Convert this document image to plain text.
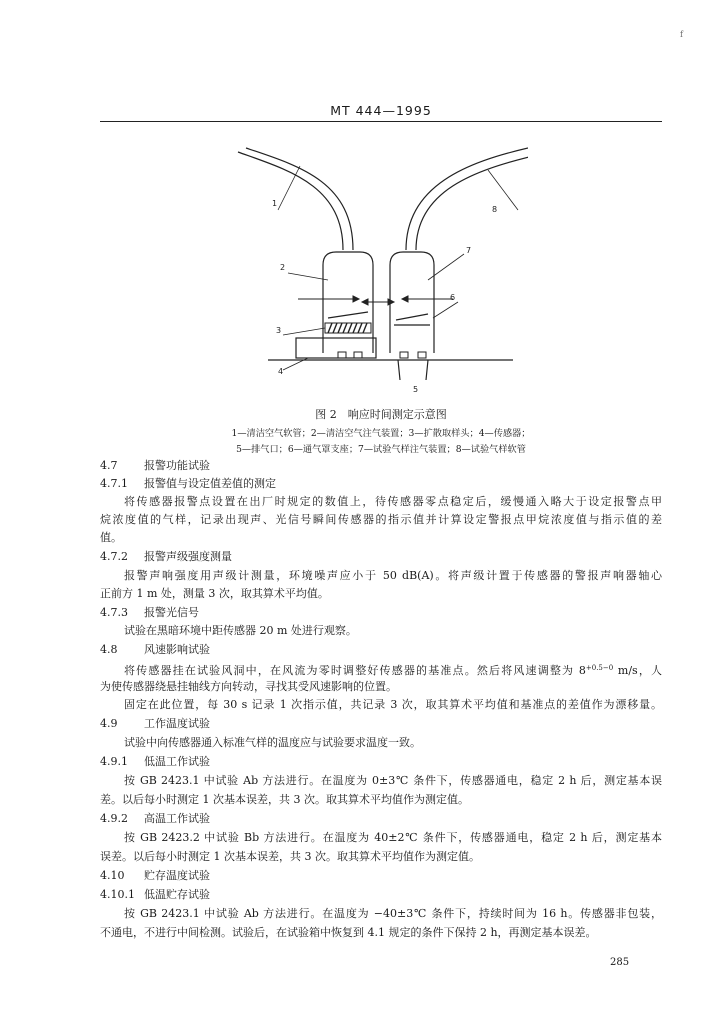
f
MT 444—1995
1
2
3
4
5
6
7
8
图 2　响应时间测定示意图
1—清洁空气软管；2—清洁空气注气装置；3—扩散取样头；4—传感器；
5—排气口；6—通气罩支座；7—试验气样注气装置；8—试验气样软管
4.7 报警功能试验
4.7.1 报警值与设定值差值的测定
将传感器报警点设置在出厂时规定的数值上，待传感器零点稳定后，缓慢通入略大于设定报警点甲
烷浓度值的气样，记录出现声、光信号瞬间传感器的指示值并计算设定警报点甲烷浓度值与指示值的差
值。
4.7.2 报警声级强度测量
报警声响强度用声级计测量，环境噪声应小于 50 dB(A)。将声级计置于传感器的警报声响器轴心
正前方 1 m 处，测量 3 次，取其算术平均值。
4.7.3 报警光信号
试验在黑暗环境中距传感器 20 m 处进行观察。
4.8 风速影响试验
将传感器挂在试验风洞中，在风流为零时调整好传感器的基准点。然后将风速调整为 $8^{+0.5-0}$ m/s，人
为使传感器绕悬挂轴线方向转动，寻找其受风速影响的位置。
固定在此位置，每 30 s 记录 1 次指示值，共记录 3 次，取其算术平均值和基准点的差值作为漂移量。
4.9 工作温度试验
试验中向传感器通入标准气样的温度应与试验要求温度一致。
4.9.1 低温工作试验
按 GB 2423.1 中试验 Ab 方法进行。在温度为 0±3℃ 条件下，传感器通电，稳定 2 h 后，测定基本误
差。以后每小时测定 1 次基本误差，共 3 次。取其算术平均值作为测定值。
4.9.2 高温工作试验
按 GB 2423.2 中试验 Bb 方法进行。在温度为 40±2℃ 条件下，传感器通电，稳定 2 h 后，测定基本
误差。以后每小时测定 1 次基本误差，共 3 次。取其算术平均值作为测定值。
4.10 贮存温度试验
4.10.1 低温贮存试验
按 GB 2423.1 中试验 Ab 方法进行。在温度为 −40±3℃ 条件下，持续时间为 16 h。传感器非包装，
不通电，不进行中间检测。试验后，在试验箱中恢复到 4.1 规定的条件下保持 2 h，再测定基本误差。
285
